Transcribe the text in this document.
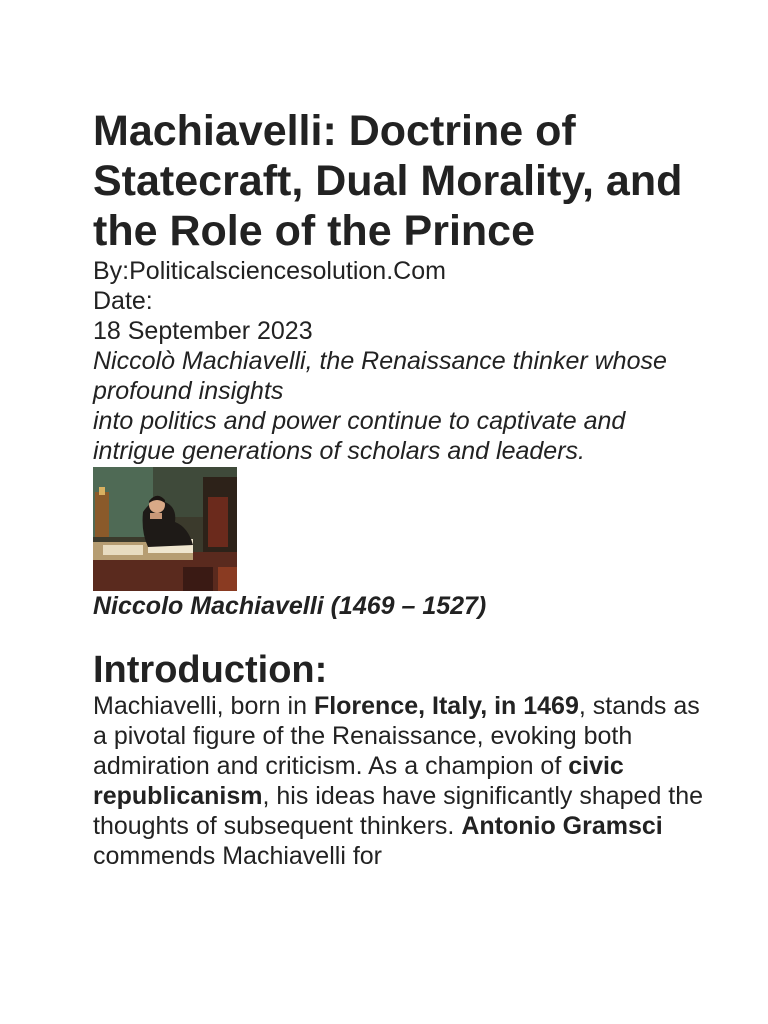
Machiavelli: Doctrine of Statecraft, Dual Morality, and the Role of the Prince
By:Politicalsciencesolution.Com
Date:
18 September 2023
Niccolò Machiavelli, the Renaissance thinker whose profound insights
into politics and power continue to captivate and intrigue generations of scholars and leaders.
Niccolo Machiavelli (1469 – 1527)
Introduction:
Machiavelli, born in Florence, Italy, in 1469, stands as a pivotal figure of the Renaissance, evoking both admiration and criticism. As a champion of civic republicanism, his ideas have significantly shaped the thoughts of subsequent thinkers. Antonio Gramsci commends Machiavelli for
